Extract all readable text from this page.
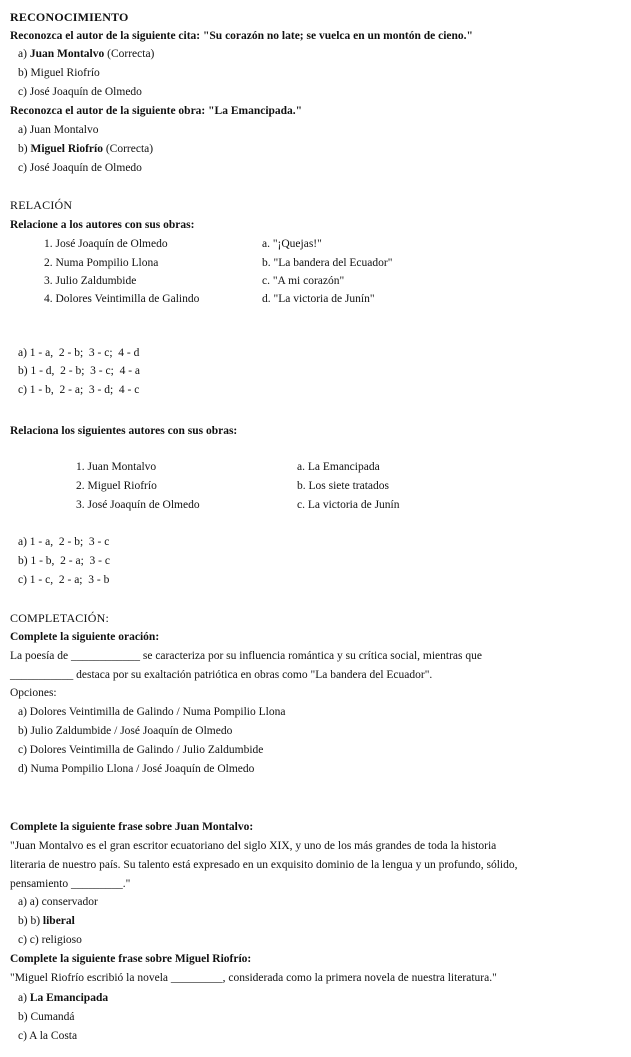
RECONOCIMIENTO
Reconozca el autor de la siguiente cita: "Su corazón no late; se vuelca en un montón de cieno."
a) Juan Montalvo (Correcta)
b) Miguel Riofrío
c) José Joaquín de Olmedo
Reconozca el autor de la siguiente obra: "La Emancipada."
a) Juan Montalvo
b) Miguel Riofrío (Correcta)
c) José Joaquín de Olmedo
RELACIÓN
Relacione a los autores con sus obras:
1. José Joaquín de Olmedo
2. Numa Pompilio Llona
3. Julio Zaldumbide
4. Dolores Veintimilla de Galindo
a. "¡Quejas!"
b. "La bandera del Ecuador"
c. "A mi corazón"
d. "La victoria de Junín"
a) 1 - a,  2 - b;  3 - c;  4 - d
b) 1 - d,  2 - b;  3 - c;  4 - a
c) 1 - b,  2 - a;  3 - d;  4 - c
Relaciona los siguientes autores con sus obras:
1. Juan Montalvo
2. Miguel Riofrío
3. José Joaquín de Olmedo
a. La Emancipada
b. Los siete tratados
c. La victoria de Junín
a) 1 - a,  2 - b;  3 - c
b) 1 - b,  2 - a;  3 - c
c) 1 - c,  2 - a;  3 - b
COMPLETACIÓN:
Complete la siguiente oración:
La poesía de ____________ se caracteriza por su influencia romántica y su crítica social, mientras que
___________ destaca por su exaltación patriótica en obras como "La bandera del Ecuador".
Opciones:
a) Dolores Veintimilla de Galindo / Numa Pompilio Llona
b) Julio Zaldumbide / José Joaquín de Olmedo
c) Dolores Veintimilla de Galindo / Julio Zaldumbide
d) Numa Pompilio Llona / José Joaquín de Olmedo
Complete la siguiente frase sobre Juan Montalvo:
"Juan Montalvo es el gran escritor ecuatoriano del siglo XIX, y uno de los más grandes de toda la historia
literaria de nuestro país. Su talento está expresado en un exquisito dominio de la lengua y un profundo, sólido,
pensamiento _________."
a) a) conservador
b) b) liberal
c) c) religioso
Complete la siguiente frase sobre Miguel Riofrío:
"Miguel Riofrío escribió la novela _________, considerada como la primera novela de nuestra literatura."
a) La Emancipada
b) Cumandá
c) A la Costa
